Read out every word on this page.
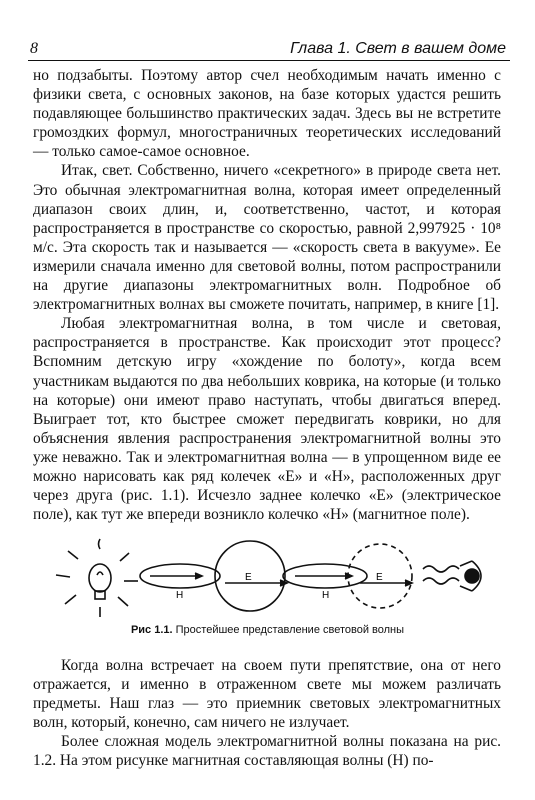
8	Глава 1. Свет в вашем доме

но подзабыты. Поэтому автор счел необходимым начать именно с физики света, с основных законов, на базе которых удастся решить подавляющее большинство практических задач. Здесь вы не встретите громоздких формул, многостраничных теоретических исследований — только самое-самое основное.

Итак, свет. Собственно, ничего «секретного» в природе света нет. Это обычная электромагнитная волна, которая имеет определенный диапазон своих длин, и, соответственно, частот, и которая распространяется в пространстве со скоростью, равной 2,997925 · 10⁸ м/с. Эта скорость так и называется — «скорость света в вакууме». Ее измерили сначала именно для световой волны, потом распространили на другие диапазоны электромагнитных волн. Подробное об электромагнитных волнах вы сможете почитать, например, в книге [1].

Любая электромагнитная волна, в том числе и световая, распространяется в пространстве. Как происходит этот процесс? Вспомним детскую игру «хождение по болоту», когда всем участникам выдаются по два небольших коврика, на которые (и только на которые) они имеют право наступать, чтобы двигаться вперед. Выиграет тот, кто быстрее сможет передвигать коврики, но для объяснения явления распространения электромагнитной волны это уже неважно. Так и электромагнитная волна — в упрощенном виде ее можно нарисовать как ряд колечек «E» и «H», расположенных друг через друга (рис. 1.1). Исчезло заднее колечко «E» (электрическое поле), как тут же впереди возникло колечко «H» (магнитное поле).

E	E
H	H
Рис 1.1. Простейшее представление световой волны

Когда волна встречает на своем пути препятствие, она от него отражается, и именно в отраженном свете мы можем различать предметы. Наш глаз — это приемник световых электромагнитных волн, который, конечно, сам ничего не излучает.

Более сложная модель электромагнитной волны показана на рис. 1.2. На этом рисунке магнитная составляющая волны (H) по-
